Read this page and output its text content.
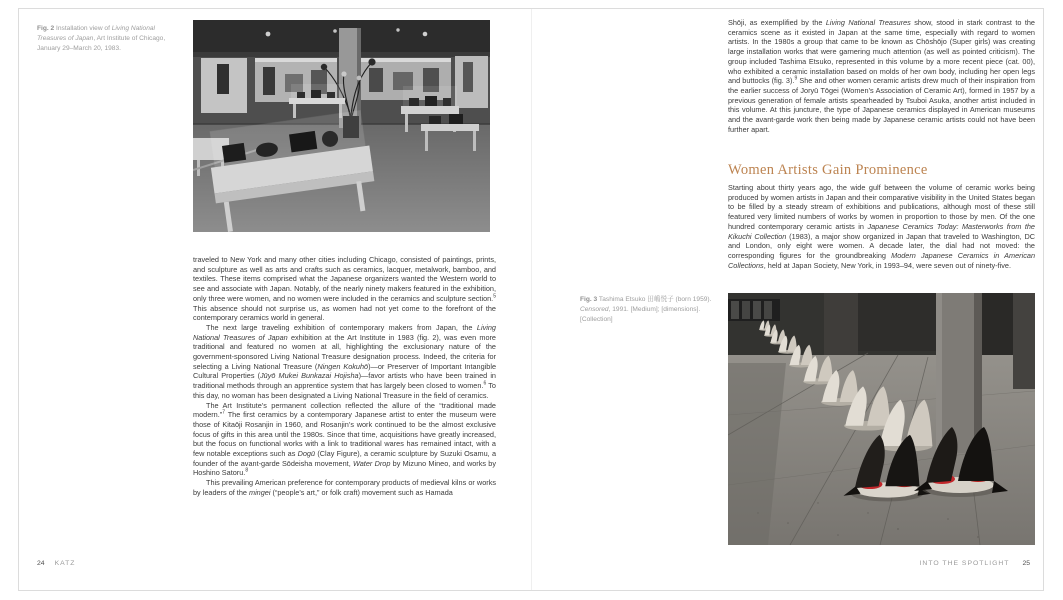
Fig. 2 Installation view of Living National Treasures of Japan, Art Institute of Chicago, January 29–March 20, 1983.

traveled to New York and many other cities including Chicago, consisted of paintings, prints, and sculpture as well as arts and crafts such as ceramics, lacquer, metalwork, bamboo, and textiles. These items comprised what the Japanese organizers wanted the Western world to see and associate with Japan. Notably, of the nearly ninety makers featured in the exhibition, only three were women, and no women were included in the ceramics and sculpture section.$^5$ This absence should not surprise us, as women had not yet come to the forefront of the contemporary ceramics world in general.

The next large traveling exhibition of contemporary makers from Japan, the Living National Treasures of Japan exhibition at the Art Institute in 1983 (fig. 2), was even more traditional and featured no women at all, highlighting the exclusionary nature of the government-sponsored Living National Treasure designation process. Indeed, the criteria for selecting a Living National Treasure (Ningen Kokuhō)—or Preserver of Important Intangible Cultural Properties (Jūyō Mukei Bunkazai Hojisha)—favor artists who have been trained in traditional methods through an apprentice system that has largely been closed to women.$^6$ To this day, no woman has been designated a Living National Treasure in the field of ceramics.

The Art Institute’s permanent collection reflected the allure of the “traditional made modern.”$^7$ The first ceramics by a contemporary Japanese artist to enter the museum were those of Kitaōji Rosanjin in 1960, and Rosanjin’s work continued to be the almost exclusive focus of gifts in this area until the 1980s. Since that time, acquisitions have greatly increased, but the focus on functional works with a link to traditional wares has remained intact, with a few notable exceptions such as Dogū (Clay Figure), a ceramic sculpture by Suzuki Osamu, a founder of the avant-garde Sōdeisha movement, Water Drop by Mizuno Mineo, and works by Hoshino Satoru.$^8$

This prevailing American preference for contemporary products of medieval kilns or works by leaders of the mingei (“people’s art,” or folk craft) movement such as Hamada

24 KATZ

Shōji, as exemplified by the Living National Treasures show, stood in stark contrast to the ceramics scene as it existed in Japan at the same time, especially with regard to women artists. In the 1980s a group that came to be known as Chōshōjo (Super girls) was creating large installation works that were garnering much attention (as well as pointed criticism). The group included Tashima Etsuko, represented in this volume by a more recent piece (cat. 00), who exhibited a ceramic installation based on molds of her own body, including her open legs and buttocks (fig. 3).$^9$ She and other women ceramic artists drew much of their inspiration from the earlier success of Joryū Tōgei (Women’s Association of Ceramic Art), formed in 1957 by a previous generation of female artists spearheaded by Tsuboi Asuka, another artist included in this volume. At this juncture, the type of Japanese ceramics displayed in American museums and the avant-garde work then being made by Japanese ceramic artists could not have been further apart.

Women Artists Gain Prominence

Starting about thirty years ago, the wide gulf between the volume of ceramic works being produced by women artists in Japan and their comparative visibility in the United States began to be filled by a steady stream of exhibitions and publications, although most of these still featured very limited numbers of works by women in proportion to those by men. Of the one hundred contemporary ceramic artists in Japanese Ceramics Today: Masterworks from the Kikuchi Collection (1983), a major show organized in Japan that traveled to Washington, DC and London, only eight were women. A decade later, the dial had not moved: the corresponding figures for the groundbreaking Modern Japanese Ceramics in American Collections, held at Japan Society, New York, in 1993–94, were seven out of ninety-five.

Fig. 3 Tashima Etsuko 田嶋悦子 (born 1959). Censored, 1991. [Medium]; [dimensions]. [Collection]
INTO THE SPOTLIGHT 25
